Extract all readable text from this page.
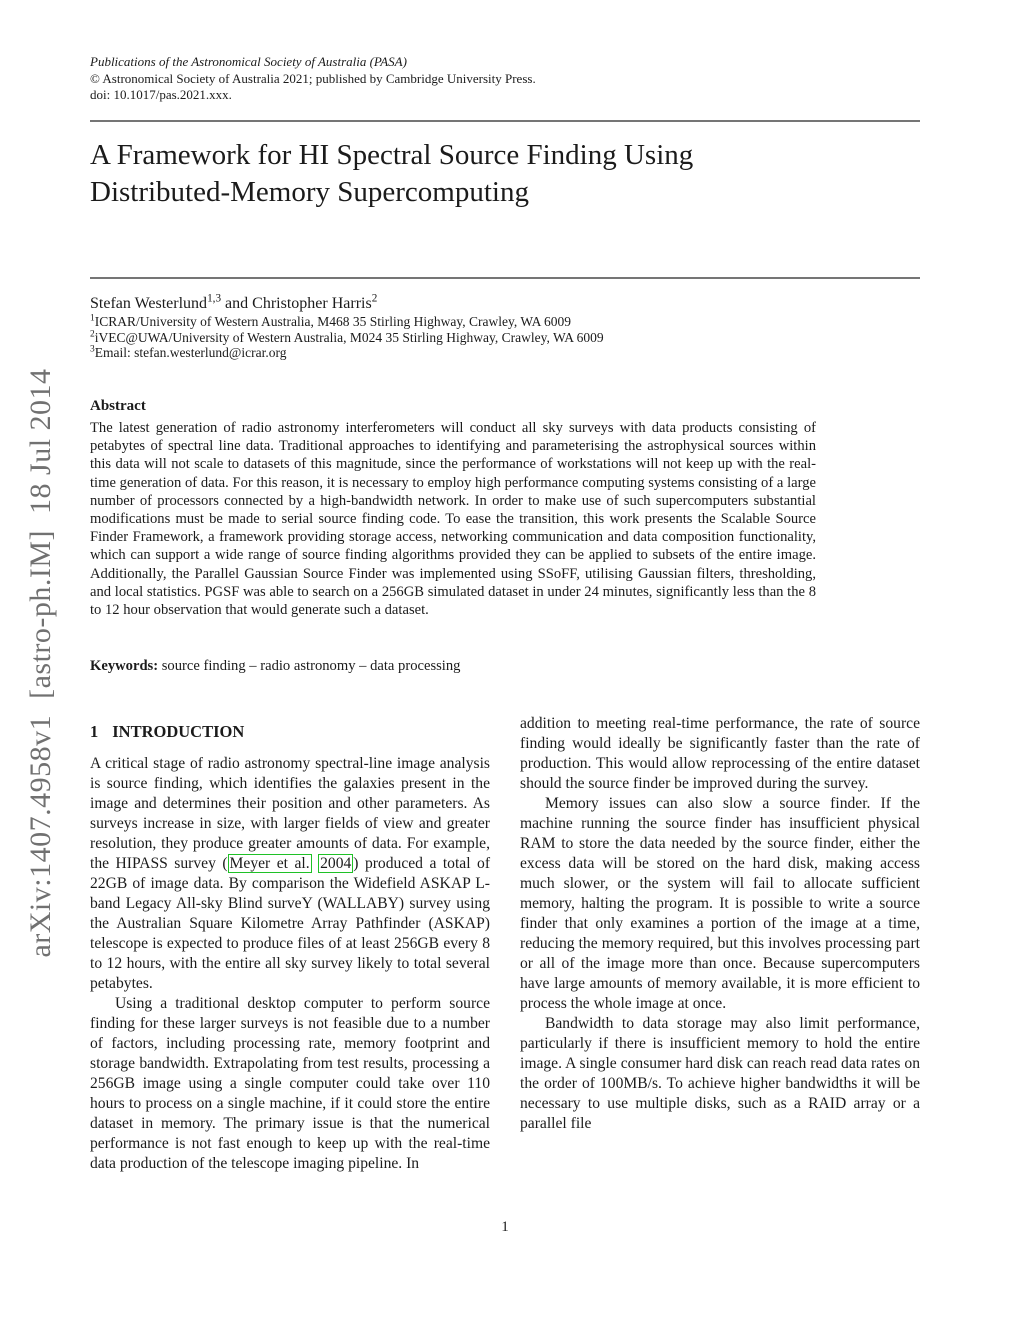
arXiv:1407.4958v1  [astro-ph.IM]  18 Jul 2014
Publications of the Astronomical Society of Australia (PASA)
© Astronomical Society of Australia 2021; published by Cambridge University Press.
doi: 10.1017/pas.2021.xxx.
A Framework for HI Spectral Source Finding Using
Distributed-Memory Supercomputing
Stefan Westerlund$^{1,3}$ and Christopher Harris$^2$
$^1$ICRAR/University of Western Australia, M468 35 Stirling Highway, Crawley, WA 6009
$^2$iVEC@UWA/University of Western Australia, M024 35 Stirling Highway, Crawley, WA 6009
$^3$Email: stefan.westerlund@icrar.org
Abstract
The latest generation of radio astronomy interferometers will conduct all sky surveys with data products consisting of petabytes of spectral line data. Traditional approaches to identifying and parameterising the astrophysical sources within this data will not scale to datasets of this magnitude, since the performance of workstations will not keep up with the real-time generation of data. For this reason, it is necessary to employ high performance computing systems consisting of a large number of processors connected by a high-bandwidth network. In order to make use of such supercomputers substantial modifications must be made to serial source finding code. To ease the transition, this work presents the Scalable Source Finder Framework, a framework providing storage access, networking communication and data composition functionality, which can support a wide range of source finding algorithms provided they can be applied to subsets of the entire image. Additionally, the Parallel Gaussian Source Finder was implemented using SSoFF, utilising Gaussian filters, thresholding, and local statistics. PGSF was able to search on a 256GB simulated dataset in under 24 minutes, significantly less than the 8 to 12 hour observation that would generate such a dataset.
Keywords: source finding – radio astronomy – data processing
1 INTRODUCTION

A critical stage of radio astronomy spectral-line image analysis is source finding, which identifies the galaxies present in the image and determines their position and other parameters. As surveys increase in size, with larger fields of view and greater resolution, they produce greater amounts of data. For example, the HIPASS survey ( Meyer et al. 2004 ) produced a total of 22GB of image data. By comparison the Widefield ASKAP L-band Legacy All-sky Blind surveY (WALLABY) survey using the Australian Square Kilometre Array Pathfinder (ASKAP) telescope is expected to produce files of at least 256GB every 8 to 12 hours, with the entire all sky survey likely to total several petabytes.

Using a traditional desktop computer to perform source finding for these larger surveys is not feasible due to a number of factors, including processing rate, memory footprint and storage bandwidth. Extrapolating from test results, processing a 256GB image using a single computer could take over 110 hours to process on a single machine, if it could store the entire dataset in memory. The primary issue is that the numerical performance is not fast enough to keep up with the real-time data production of the telescope imaging pipeline. In

addition to meeting real-time performance, the rate of source finding would ideally be significantly faster than the rate of production. This would allow reprocessing of the entire dataset should the source finder be improved during the survey.

Memory issues can also slow a source finder. If the machine running the source finder has insufficient physical RAM to store the data needed by the source finder, either the excess data will be stored on the hard disk, making access much slower, or the system will fail to allocate sufficient memory, halting the program. It is possible to write a source finder that only examines a portion of the image at a time, reducing the memory required, but this involves processing part or all of the image more than once. Because supercomputers have large amounts of memory available, it is more efficient to process the whole image at once.

Bandwidth to data storage may also limit performance, particularly if there is insufficient memory to hold the entire image. A single consumer hard disk can reach read data rates on the order of 100MB/s. To achieve higher bandwidths it will be necessary to use multiple disks, such as a RAID array or a parallel file

1
